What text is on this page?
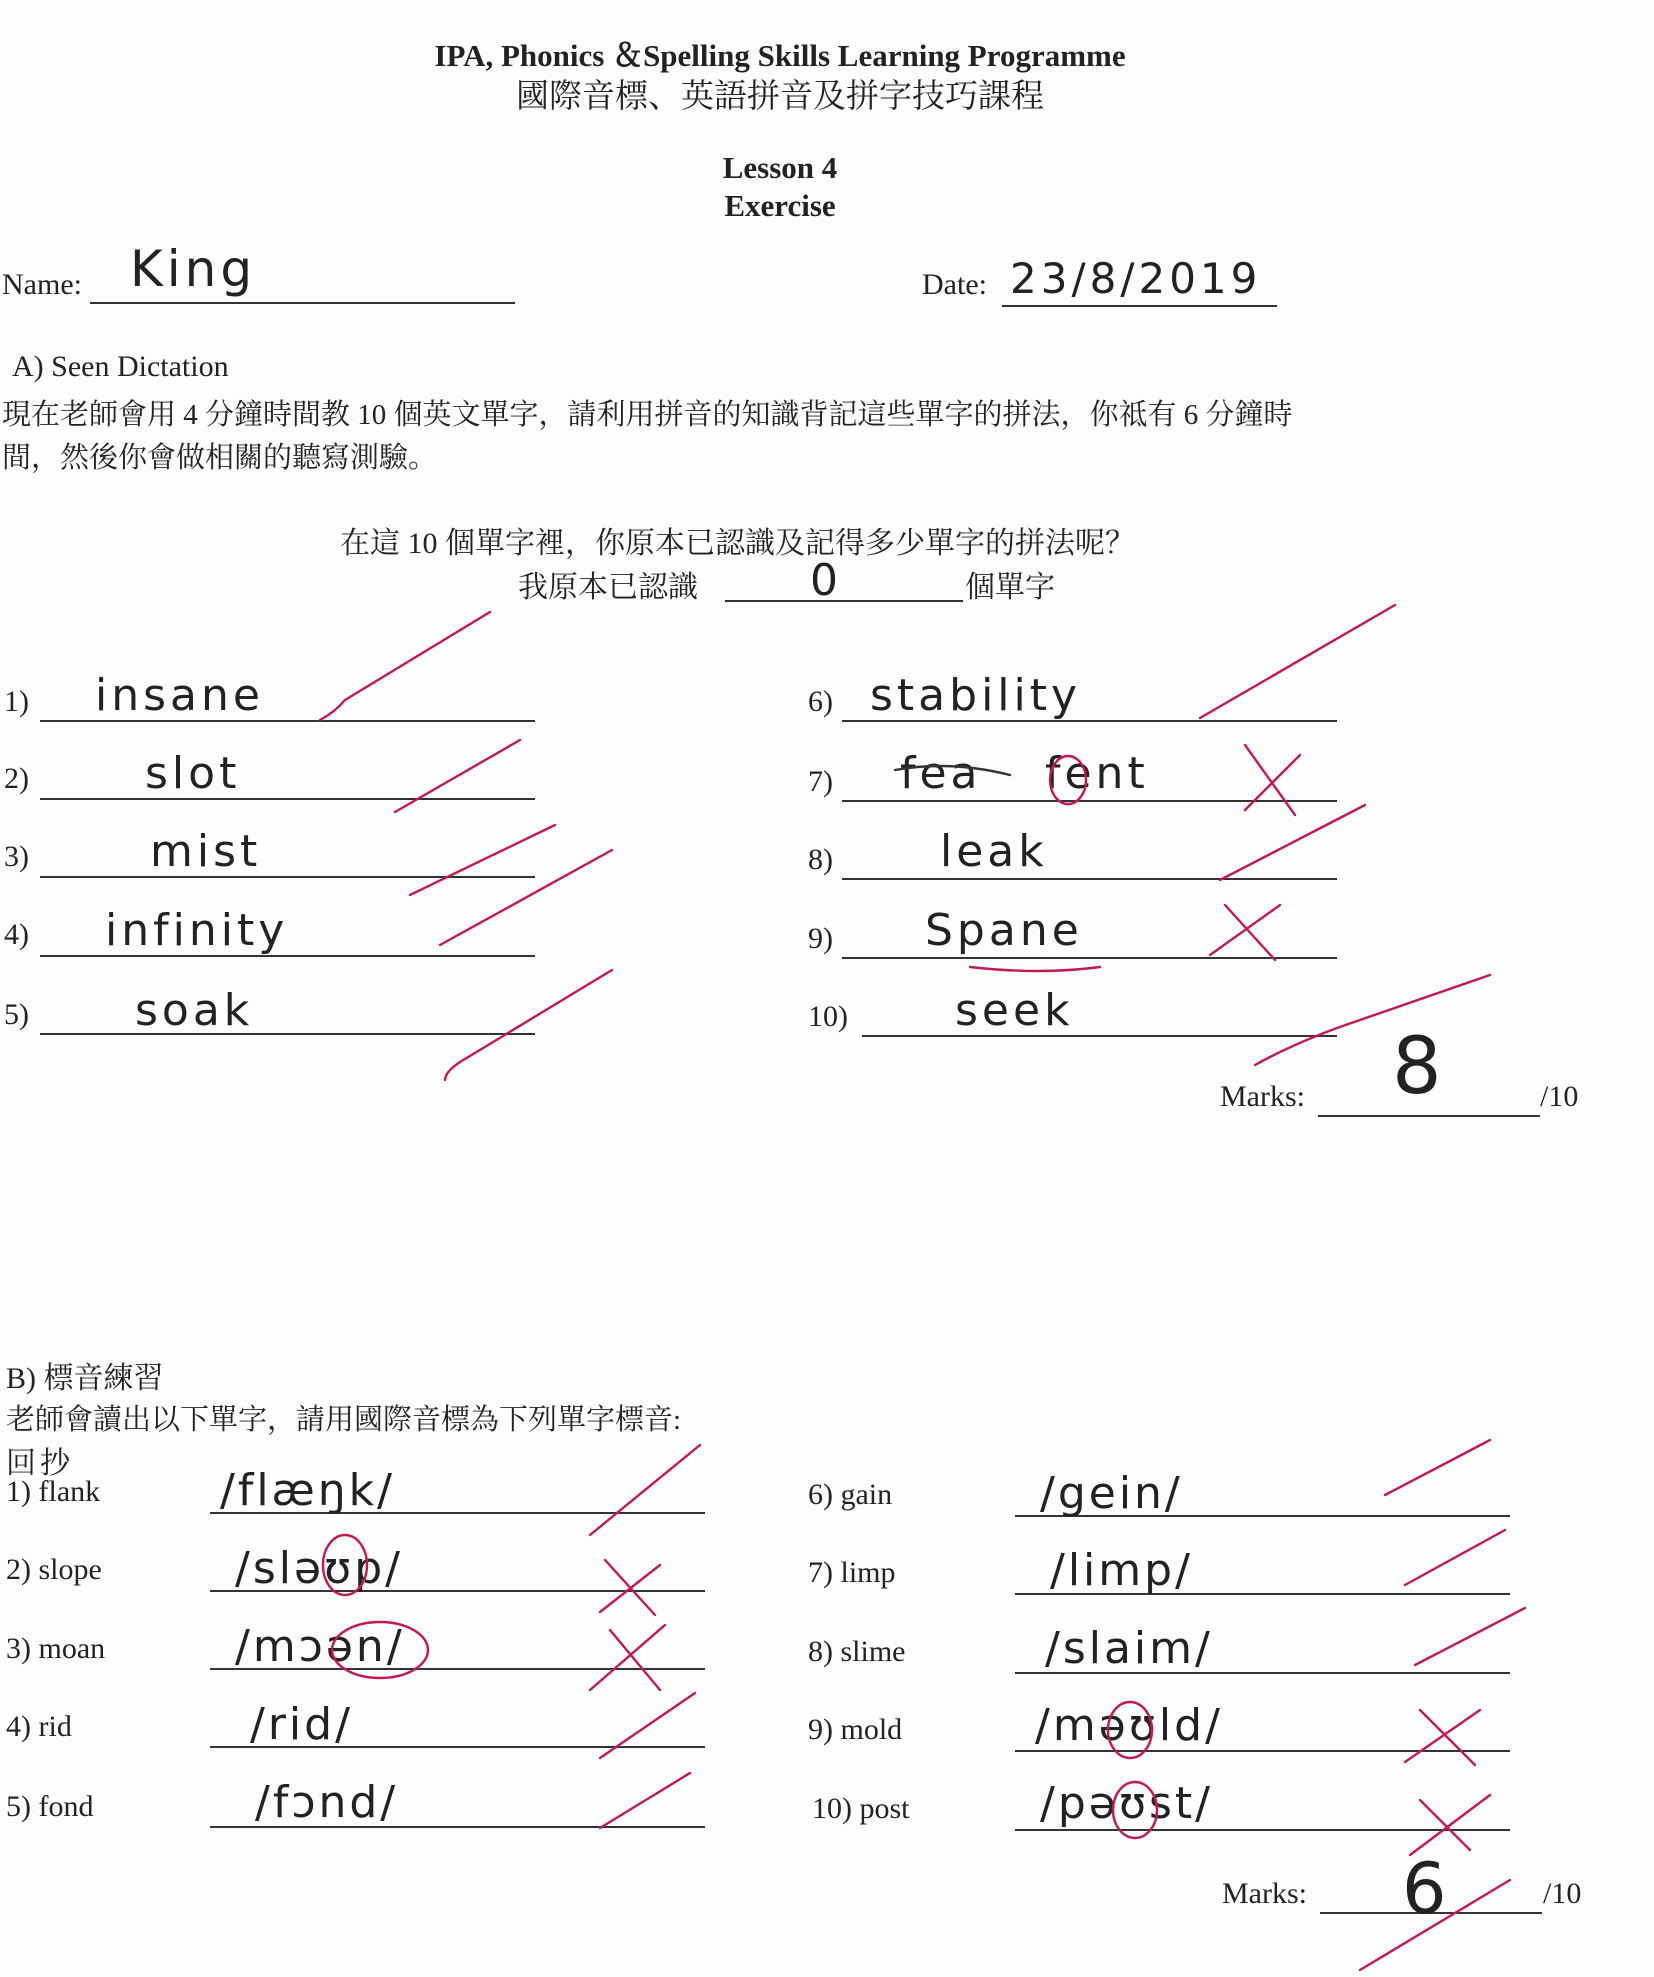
IPA, Phonics ＆Spelling Skills Learning Programme
國際音標、英語拼音及拼字技巧課程
Lesson 4
Exercise
Name: King	Date: 23/8/2019
A) Seen Dictation
現在老師會用 4 分鐘時間教 10 個英文單字，請利用拼音的知識背記這些單字的拼法，你祗有 6 分鐘時
間，然後你會做相關的聽寫測驗。
在這 10 個單字裡，你原本已認識及記得多少單字的拼法呢？
我原本已認識	0	個單字
1) insane
2)	slot
3)	mist
4) infinity
5) soak
6) stability
7) fea fent
8) leak
9) Spane
10) seek
Marks: 8	/10
B) 標音練習
老師會讀出以下單字，請用國際音標為下列單字標音:
回抄
1) flank	/flæŋk/
2) slope	/sləʊp/
3) moan	/mɔən/
4) rid	/rid/
5) fond	/fɔnd/
6) gain	/gein/
7) limp	/limp/
8) slime	/slaim/
9) mold	/məʊld/
10) post	/pəʊst/
Marks: 6	/10
